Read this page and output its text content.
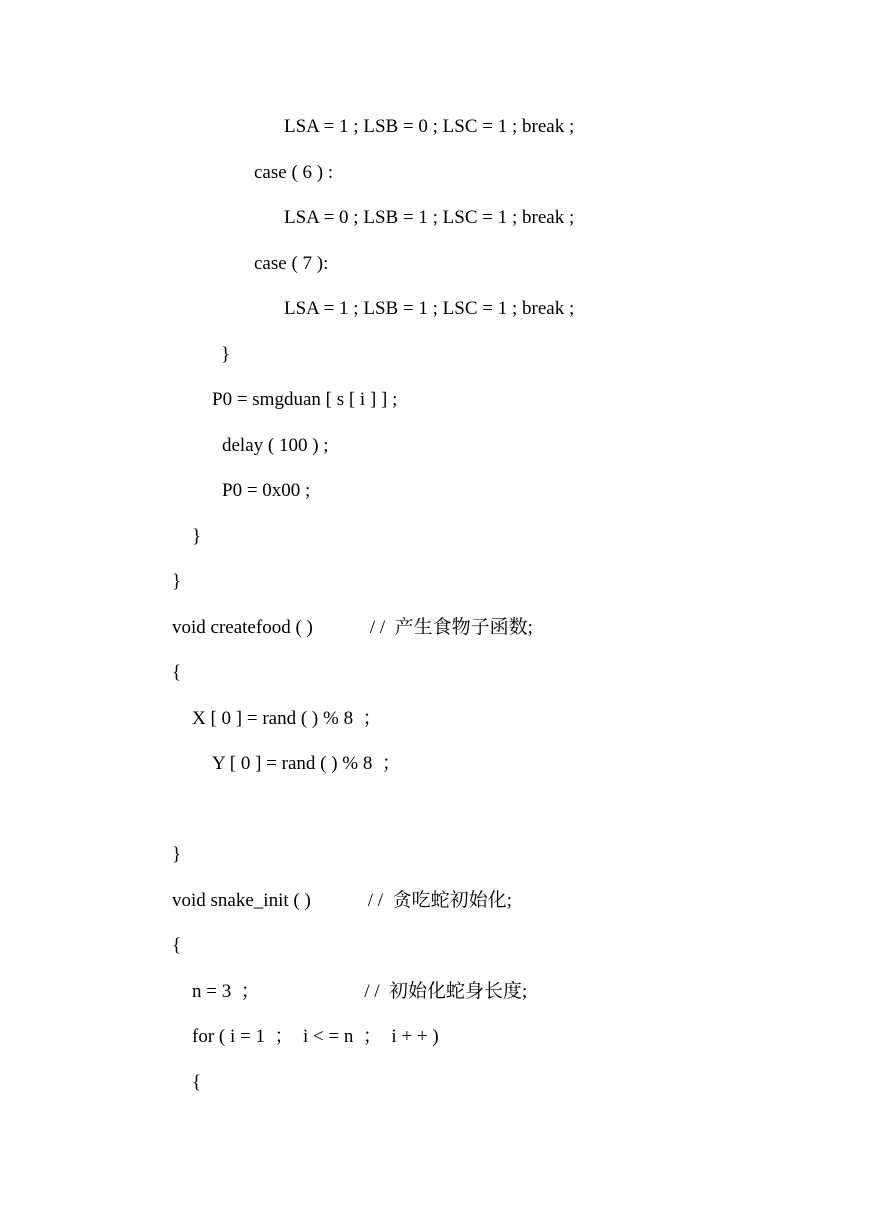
LSA = 1 ; LSB = 0 ; LSC = 1 ; break ;
case ( 6 ) :
LSA = 0 ; LSB = 1 ; LSC = 1 ; break ;
case ( 7 ):
LSA = 1 ; LSB = 1 ; LSC = 1 ; break ;
}
P0 = smgduan [ s [ i ] ] ;
delay ( 100 ) ;
P0 = 0x00 ;
}
}
void createfood ( )            / /  产生食物子函数;
{
X [ 0 ] = rand ( ) % 8  ；
Y [ 0 ] = rand ( ) % 8  ；
}
void snake_init ( )            / /  贪吃蛇初始化;
{
n = 3  ；                      / /  初始化蛇身长度;
for ( i = 1  ；  i < = n  ；  i + + )
{
